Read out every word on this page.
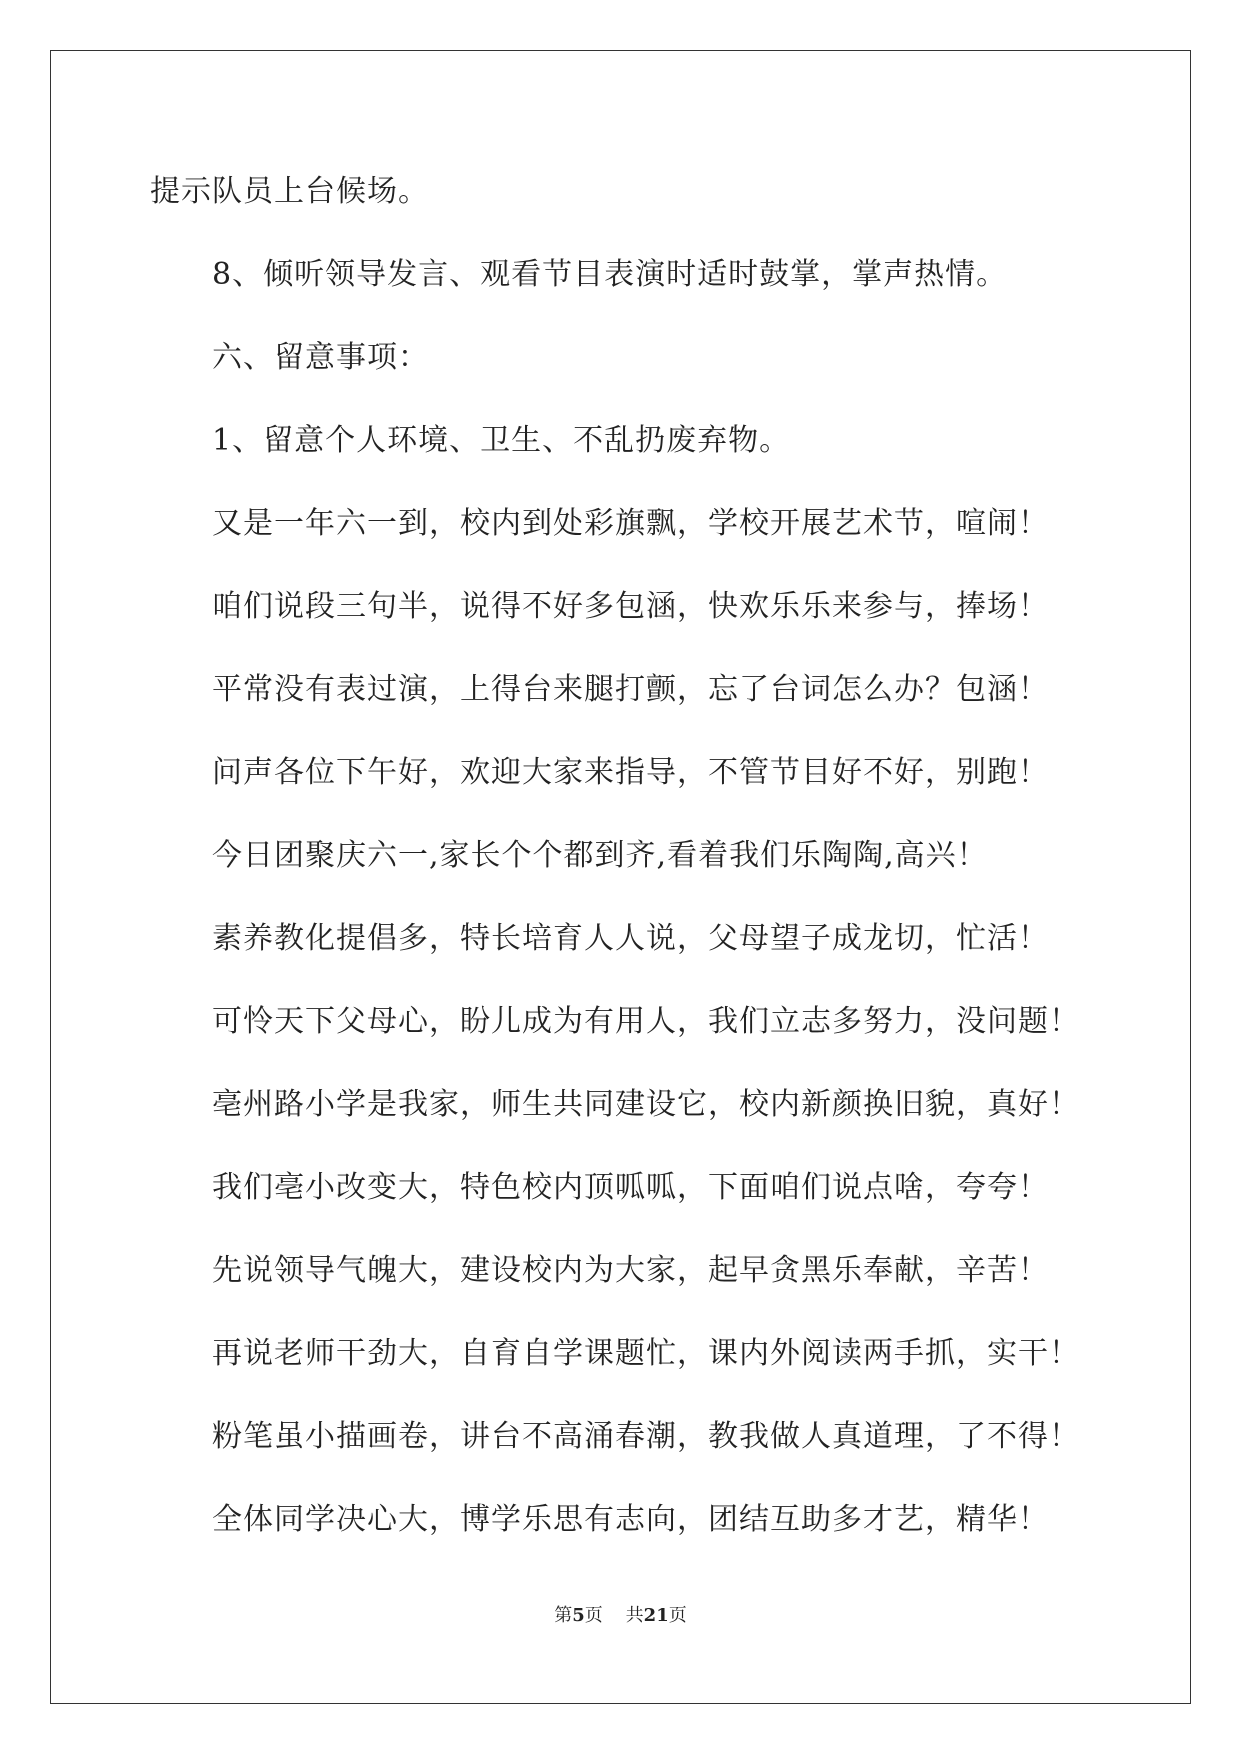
提示队员上台候场。
8、倾听领导发言、观看节目表演时适时鼓掌，掌声热情。
六、留意事项：
1、留意个人环境、卫生、不乱扔废弃物。
又是一年六一到，校内到处彩旗飘，学校开展艺术节，喧闹！
咱们说段三句半，说得不好多包涵，快欢乐乐来参与，捧场！
平常没有表过演，上得台来腿打颤，忘了台词怎么办？包涵！
问声各位下午好，欢迎大家来指导，不管节目好不好，别跑！
今日团聚庆六一,家长个个都到齐,看着我们乐陶陶,高兴！
素养教化提倡多，特长培育人人说，父母望子成龙切，忙活！
可怜天下父母心，盼儿成为有用人，我们立志多努力，没问题！
亳州路小学是我家，师生共同建设它，校内新颜换旧貌，真好！
我们亳小改变大，特色校内顶呱呱，下面咱们说点啥，夸夸！
先说领导气魄大，建设校内为大家，起早贪黑乐奉献，辛苦！
再说老师干劲大，自育自学课题忙，课内外阅读两手抓，实干！
粉笔虽小描画卷，讲台不高涌春潮，教我做人真道理，了不得！
全体同学决心大，博学乐思有志向，团结互助多才艺，精华！
第5页 共21页
